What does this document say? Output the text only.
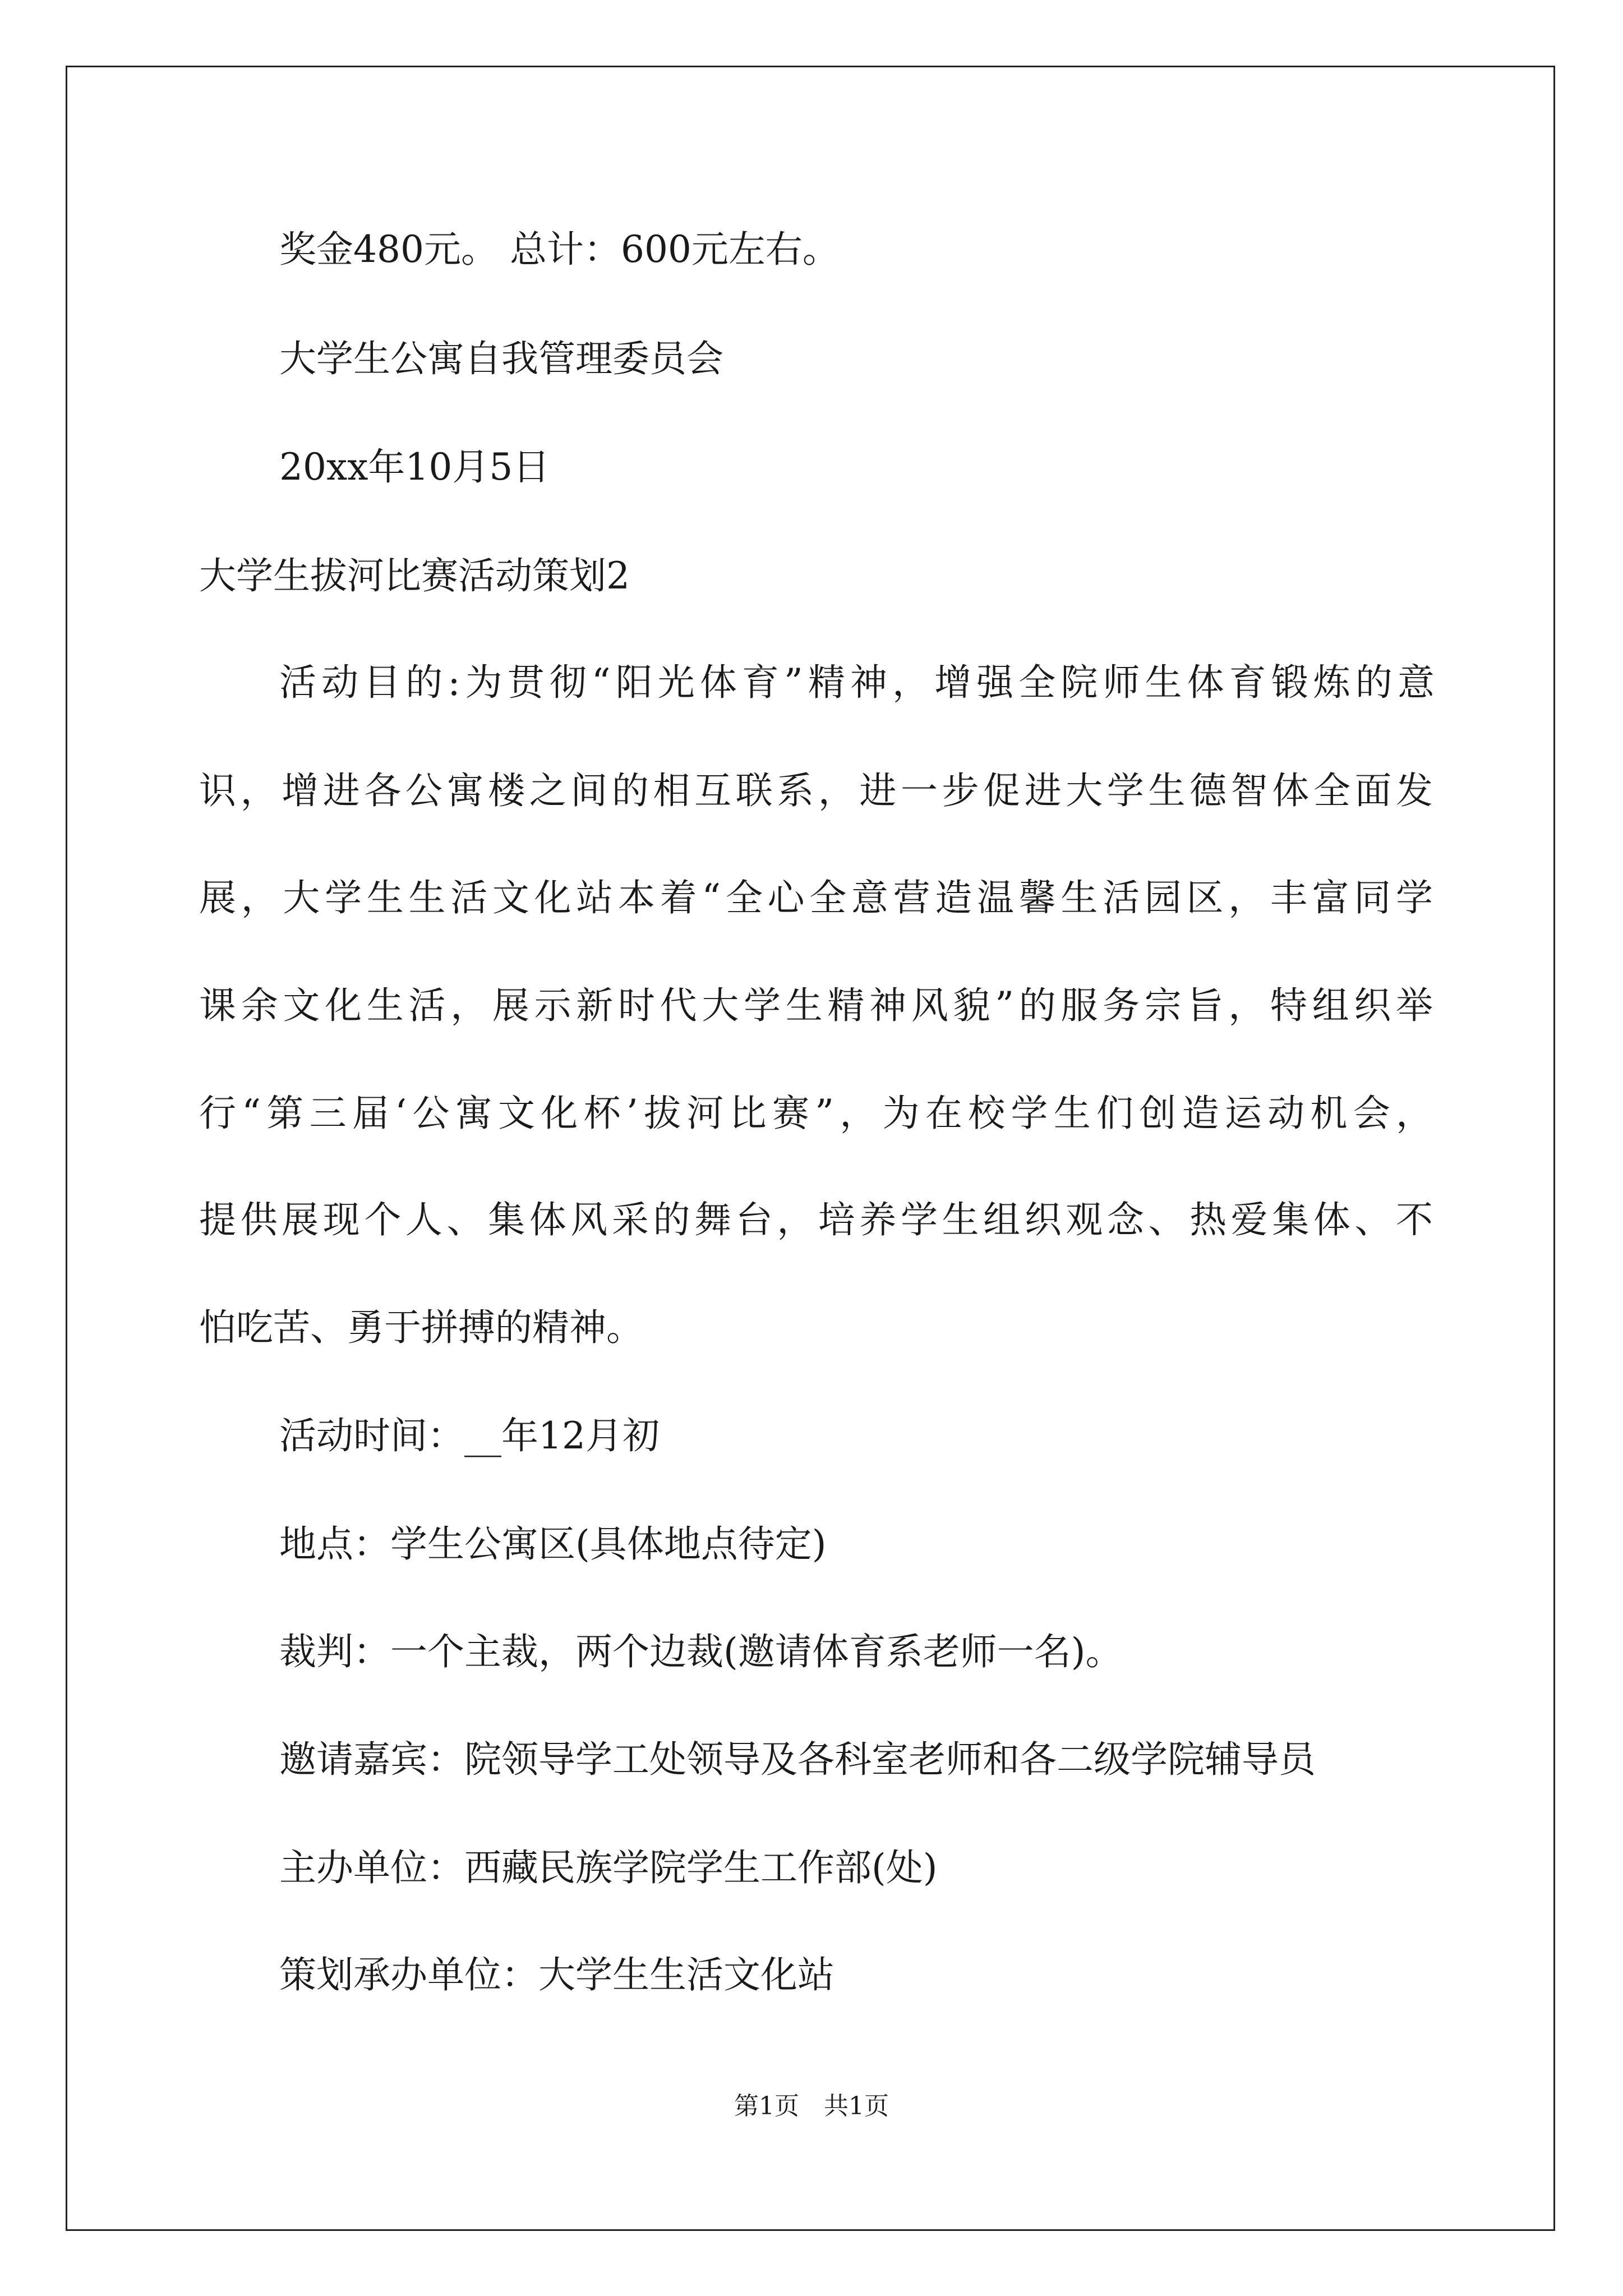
奖金480元。 总计：600元左右。
大学生公寓自我管理委员会
20xx年10月5日
大学生拔河比赛活动策划2
活动目的:为贯彻“阳光体育”精神，增强全院师生体育锻炼的意
识，增进各公寓楼之间的相互联系，进一步促进大学生德智体全面发
展，大学生生活文化站本着“全心全意营造温馨生活园区，丰富同学
课余文化生活，展示新时代大学生精神风貌”的服务宗旨，特组织举
行“第三届‘公寓文化杯’拔河比赛”，为在校学生们创造运动机会，
提供展现个人、集体风采的舞台，培养学生组织观念、热爱集体、不
怕吃苦、勇于拼搏的精神。
活动时间：__年12月初
地点：学生公寓区(具体地点待定)
裁判：一个主裁，两个边裁(邀请体育系老师一名)。
邀请嘉宾：院领导学工处领导及各科室老师和各二级学院辅导员
主办单位：西藏民族学院学生工作部(处)
策划承办单位：大学生生活文化站
第1页　共1页
